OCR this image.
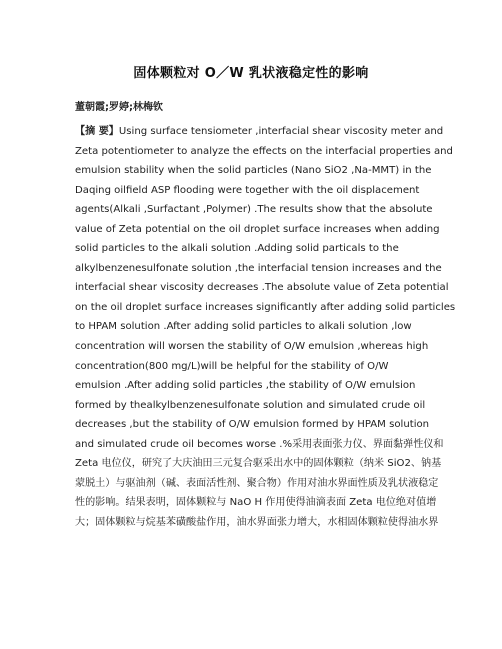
固体颗粒对 O／W 乳状液稳定性的影响
董朝霞;罗婷;林梅钦
【摘 要】Using surface tensiometer ,interfacial shear viscosity meter and
Zeta potentiometer to analyze the effects on the interfacial properties and
emulsion stability when the solid particles (Nano SiO2 ,Na-MMT) in the
Daqing oilfield ASP flooding were together with the oil displacement
agents(Alkali ,Surfactant ,Polymer) .The results show that the absolute
value of Zeta potential on the oil droplet surface increases when adding
solid particles to the alkali solution .Adding solid particals to the
alkylbenzenesulfonate solution ,the interfacial tension increases and the
interfacial shear viscosity decreases .The absolute value of Zeta potential
on the oil droplet surface increases significantly after adding solid particles
to HPAM solution .After adding solid particles to alkali solution ,low
concentration will worsen the stability of O/W emulsion ,whereas high
concentration(800 mg/L)will be helpful for the stability of O/W
emulsion .After adding solid particles ,the stability of O/W emulsion
formed by thealkylbenzenesulfonate solution and simulated crude oil
decreases ,but the stability of O/W emulsion formed by HPAM solution
and simulated crude oil becomes worse .%采用表面张力仪、界面黏弹性仪和
Zeta 电位仪，研究了大庆油田三元复合驱采出水中的固体颗粒（纳米 SiO2、钠基
蒙脱土）与驱油剂（碱、表面活性剂、聚合物）作用对油水界面性质及乳状液稳定
性的影响。结果表明，固体颗粒与 NaO H 作用使得油滴表面 Zeta 电位绝对值增
大；固体颗粒与烷基苯磺酸盐作用，油水界面张力增大，水相固体颗粒使得油水界
